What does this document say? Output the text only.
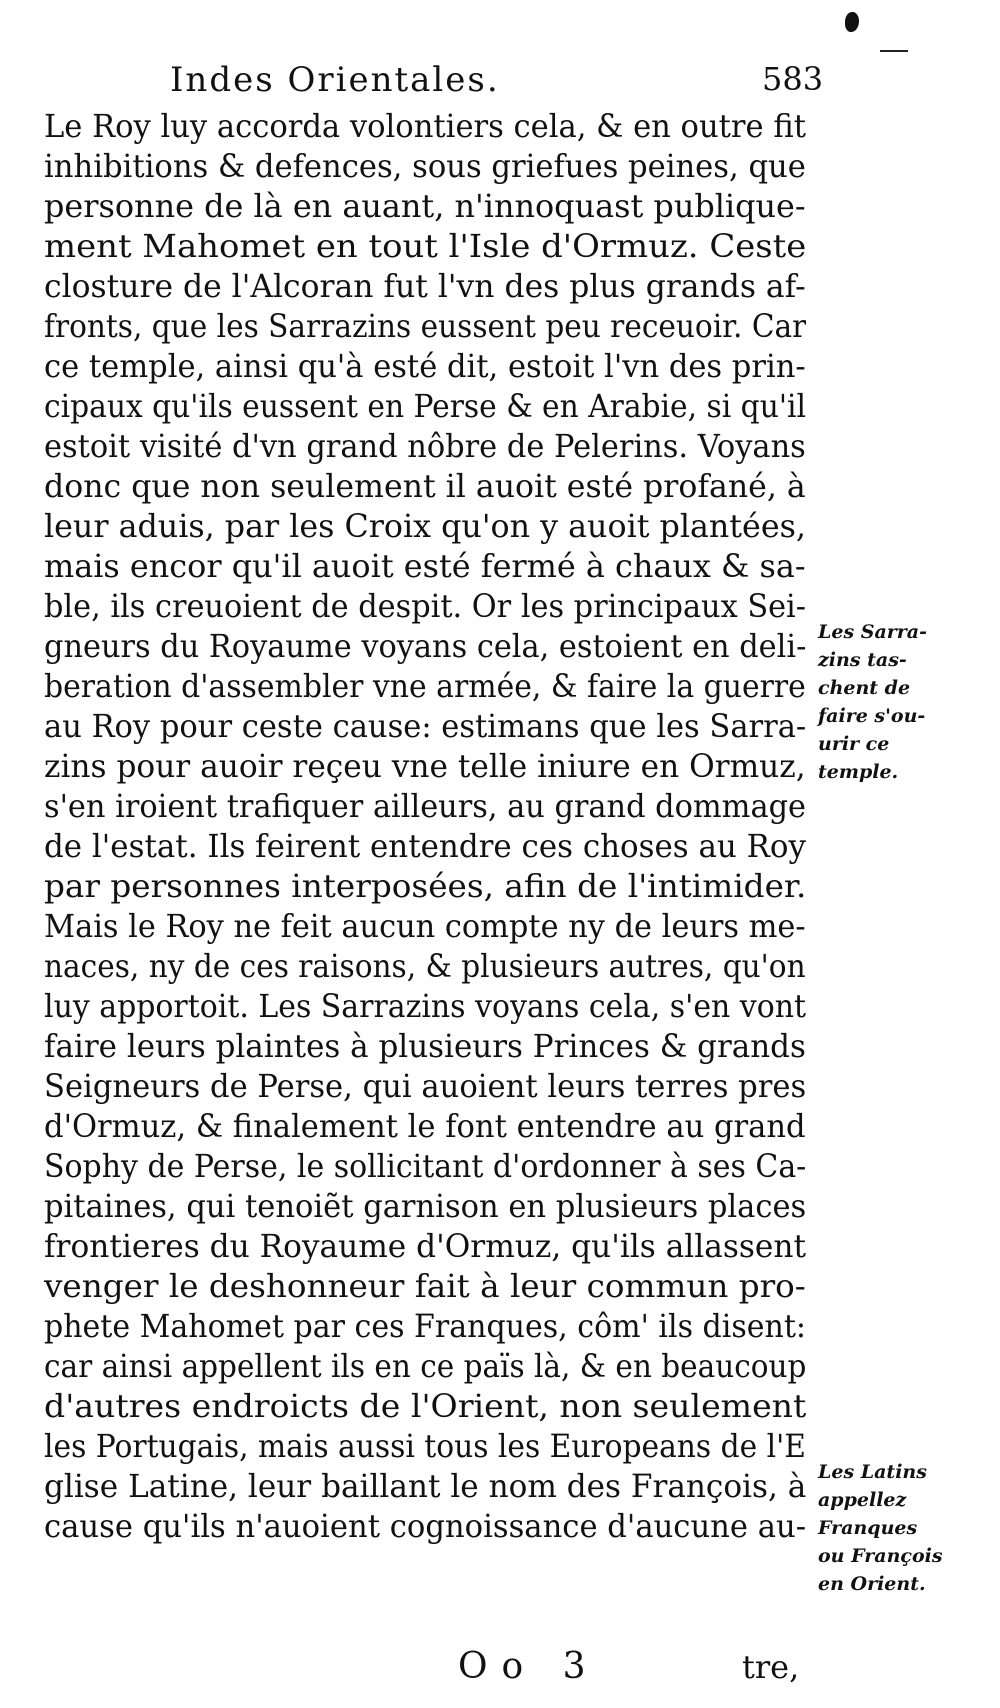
Indes Orientales.	583
Le Roy luy accorda volontiers cela, & en outre fit
inhibitions & defences, sous griefues peines, que
personne de là en auant, n'innoquast publique-
ment Mahomet en tout l'Isle d'Ormuz. Ceste
closture de l'Alcoran fut l'vn des plus grands af-
fronts, que les Sarrazins eussent peu receuoir. Car
ce temple, ainsi qu'à esté dit, estoit l'vn des prin-
cipaux qu'ils eussent en Perse & en Arabie, si qu'il
estoit visité d'vn grand nôbre de Pelerins. Voyans
donc que non seulement il auoit esté profané, à
leur aduis, par les Croix qu'on y auoit plantées,
mais encor qu'il auoit esté fermé à chaux & sa-
ble, ils creuoient de despit. Or les principaux Sei-
gneurs du Royaume voyans cela, estoient en deli-
beration d'assembler vne armée, & faire la guerre
au Roy pour ceste cause: estimans que les Sarra-
zins pour auoir reçeu vne telle iniure en Ormuz,
s'en iroient trafiquer ailleurs, au grand dommage
de l'estat. Ils feirent entendre ces choses au Roy
par personnes interposées, afin de l'intimider.
Mais le Roy ne feit aucun compte ny de leurs me-
naces, ny de ces raisons, & plusieurs autres, qu'on
luy apportoit. Les Sarrazins voyans cela, s'en vont
faire leurs plaintes à plusieurs Princes & grands
Seigneurs de Perse, qui auoient leurs terres pres
d'Ormuz, & finalement le font entendre au grand
Sophy de Perse, le sollicitant d'ordonner à ses Ca-
pitaines, qui tenoiẽt garnison en plusieurs places
frontieres du Royaume d'Ormuz, qu'ils allassent
venger le deshonneur fait à leur commun pro-
phete Mahomet par ces Franques, côm' ils disent:
car ainsi appellent ils en ce païs là, & en beaucoup
d'autres endroicts de l'Orient, non seulement
les Portugais, mais aussi tous les Europeans de l'E
glise Latine, leur baillant le nom des François, à
cause qu'ils n'auoient cognoissance d'aucune au-
Les Sarra-
zins tas-
chent de
faire s'ou-
urir ce
temple.
Les Latins
appellez
Franques
ou François
en Orient.
Oo 3	tre,
